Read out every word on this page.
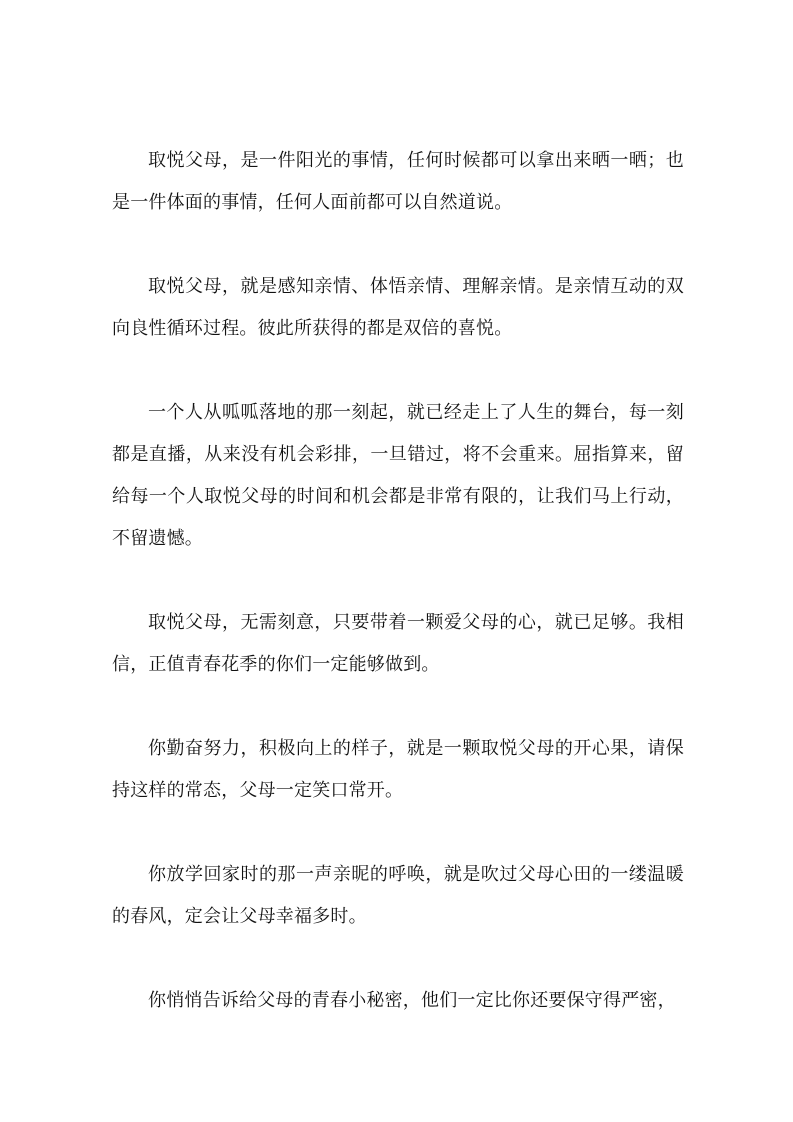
取悦父母，是一件阳光的事情，任何时候都可以拿出来晒一晒；也是一件体面的事情，任何人面前都可以自然道说。

取悦父母，就是感知亲情、体悟亲情、理解亲情。是亲情互动的双向良性循环过程。彼此所获得的都是双倍的喜悦。

一个人从呱呱落地的那一刻起，就已经走上了人生的舞台，每一刻都是直播，从来没有机会彩排，一旦错过，将不会重来。屈指算来，留给每一个人取悦父母的时间和机会都是非常有限的，让我们马上行动，不留遗憾。

取悦父母，无需刻意，只要带着一颗爱父母的心，就已足够。我相信，正值青春花季的你们一定能够做到。

你勤奋努力，积极向上的样子，就是一颗取悦父母的开心果，请保持这样的常态，父母一定笑口常开。

你放学回家时的那一声亲昵的呼唤，就是吹过父母心田的一缕温暖的春风，定会让父母幸福多时。

你悄悄告诉给父母的青春小秘密，他们一定比你还要保守得严密，
